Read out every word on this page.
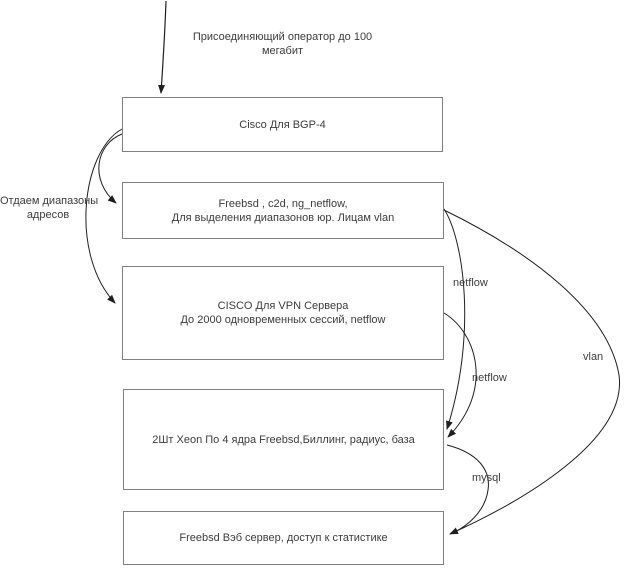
Присоединяющий оператор до 100
мегабит
Отдаем диапазоны
адресов
Cisco Для BGP-4
Freebsd , c2d, ng_netflow,
Для выделения диапазонов юр. Лицам vlan
CISCO Для VPN Сервера
До 2000 одновременных сессий, netflow
2Шт Xeon По 4 ядра Freebsd,Биллинг, радиус, база
Freebsd Вэб сервер, доступ к статистике
netflow
netflow
vlan
mysql
